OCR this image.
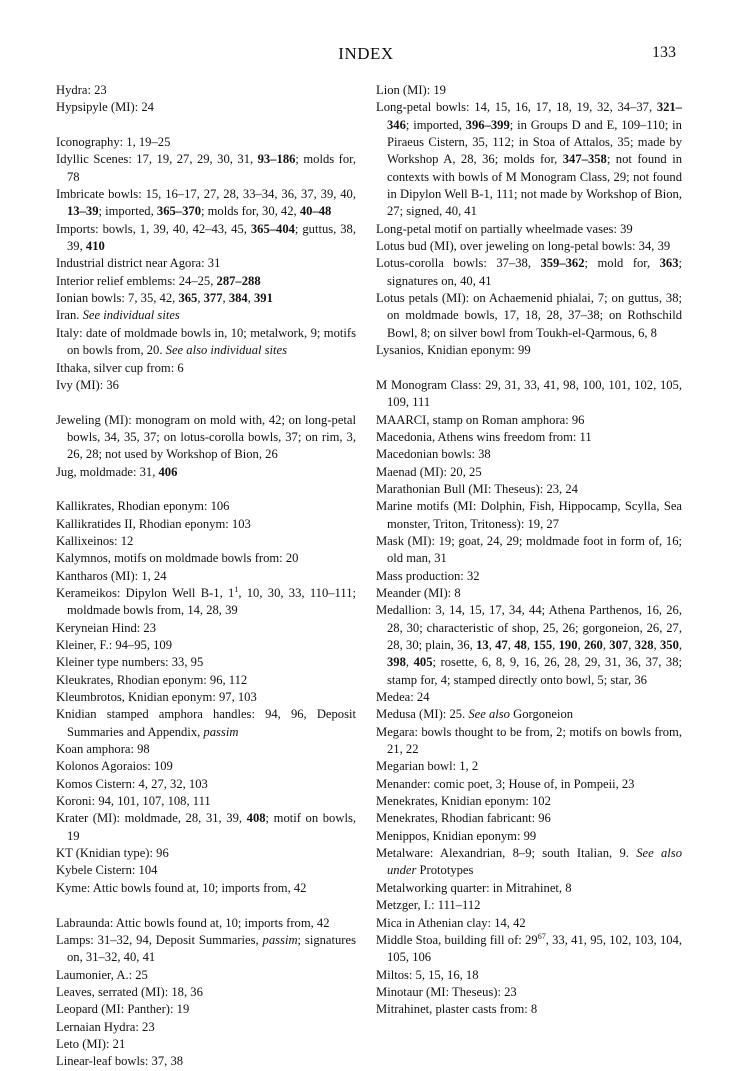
INDEX	133
Hydra: 23
Hypsipyle (MI): 24
Iconography: 1, 19–25
Idyllic Scenes: 17, 19, 27, 29, 30, 31, 93–186; molds for, 78
Imbricate bowls: 15, 16–17, 27, 28, 33–34, 36, 37, 39, 40, 13–39; imported, 365–370; molds for, 30, 42, 40–48
Imports: bowls, 1, 39, 40, 42–43, 45, 365–404; guttus, 38, 39, 410
Industrial district near Agora: 31
Interior relief emblems: 24–25, 287–288
Ionian bowls: 7, 35, 42, 365, 377, 384, 391
Iran. See individual sites
Italy: date of moldmade bowls in, 10; metalwork, 9; motifs on bowls from, 20. See also individual sites
Ithaka, silver cup from: 6
Ivy (MI): 36
Jeweling (MI): monogram on mold with, 42; on long-petal bowls, 34, 35, 37; on lotus-corolla bowls, 37; on rim, 3, 26, 28; not used by Workshop of Bion, 26
Jug, moldmade: 31, 406
Kallikrates, Rhodian eponym: 106
Kallikratides II, Rhodian eponym: 103
Kallixeinos: 12
Kalymnos, motifs on moldmade bowls from: 20
Kantharos (MI): 1, 24
Kerameikos: Dipylon Well B-1, $1^1$, 10, 30, 33, 110–111; moldmade bowls from, 14, 28, 39
Keryneian Hind: 23
Kleiner, F.: 94–95, 109
Kleiner type numbers: 33, 95
Kleukrates, Rhodian eponym: 96, 112
Kleumbrotos, Knidian eponym: 97, 103
Knidian stamped amphora handles: 94, 96, Deposit Summaries and Appendix, passim
Koan amphora: 98
Kolonos Agoraios: 109
Komos Cistern: 4, 27, 32, 103
Koroni: 94, 101, 107, 108, 111
Krater (MI): moldmade, 28, 31, 39, 408; motif on bowls, 19
KT (Knidian type): 96
Kybele Cistern: 104
Kyme: Attic bowls found at, 10; imports from, 42
Labraunda: Attic bowls found at, 10; imports from, 42
Lamps: 31–32, 94, Deposit Summaries, passim; signatures on, 31–32, 40, 41
Laumonier, A.: 25
Leaves, serrated (MI): 18, 36
Leopard (MI: Panther): 19
Lernaian Hydra: 23
Leto (MI): 21
Linear-leaf bowls: 37, 38
Lion (MI): 19
Long-petal bowls: 14, 15, 16, 17, 18, 19, 32, 34–37, 321–346; imported, 396–399; in Groups D and E, 109–110; in Piraeus Cistern, 35, 112; in Stoa of Attalos, 35; made by Workshop A, 28, 36; molds for, 347–358; not found in contexts with bowls of M Monogram Class, 29; not found in Dipylon Well B-1, 111; not made by Workshop of Bion, 27; signed, 40, 41
Long-petal motif on partially wheelmade vases: 39
Lotus bud (MI), over jeweling on long-petal bowls: 34, 39
Lotus-corolla bowls: 37–38, 359–362; mold for, 363; signatures on, 40, 41
Lotus petals (MI): on Achaemenid phialai, 7; on guttus, 38; on moldmade bowls, 17, 18, 28, 37–38; on Rothschild Bowl, 8; on silver bowl from Toukh-el-Qarmous, 6, 8
Lysanios, Knidian eponym: 99
M Monogram Class: 29, 31, 33, 41, 98, 100, 101, 102, 105, 109, 111
MAARCI, stamp on Roman amphora: 96
Macedonia, Athens wins freedom from: 11
Macedonian bowls: 38
Maenad (MI): 20, 25
Marathonian Bull (MI: Theseus): 23, 24
Marine motifs (MI: Dolphin, Fish, Hippocamp, Scylla, Sea monster, Triton, Tritoness): 19, 27
Mask (MI): 19; goat, 24, 29; moldmade foot in form of, 16; old man, 31
Mass production: 32
Meander (MI): 8
Medallion: 3, 14, 15, 17, 34, 44; Athena Parthenos, 16, 26, 28, 30; characteristic of shop, 25, 26; gorgoneion, 26, 27, 28, 30; plain, 36, 13, 47, 48, 155, 190, 260, 307, 328, 350, 398, 405; rosette, 6, 8, 9, 16, 26, 28, 29, 31, 36, 37, 38; stamp for, 4; stamped directly onto bowl, 5; star, 36
Medea: 24
Medusa (MI): 25. See also Gorgoneion
Megara: bowls thought to be from, 2; motifs on bowls from, 21, 22
Megarian bowl: 1, 2
Menander: comic poet, 3; House of, in Pompeii, 23
Menekrates, Knidian eponym: 102
Menekrates, Rhodian fabricant: 96
Menippos, Knidian eponym: 99
Metalware: Alexandrian, 8–9; south Italian, 9. See also under Prototypes
Metalworking quarter: in Mitrahinet, 8
Metzger, I.: 111–112
Mica in Athenian clay: 14, 42
Middle Stoa, building fill of: $29^{67}$, 33, 41, 95, 102, 103, 104, 105, 106
Miltos: 5, 15, 16, 18
Minotaur (MI: Theseus): 23
Mitrahinet, plaster casts from: 8
